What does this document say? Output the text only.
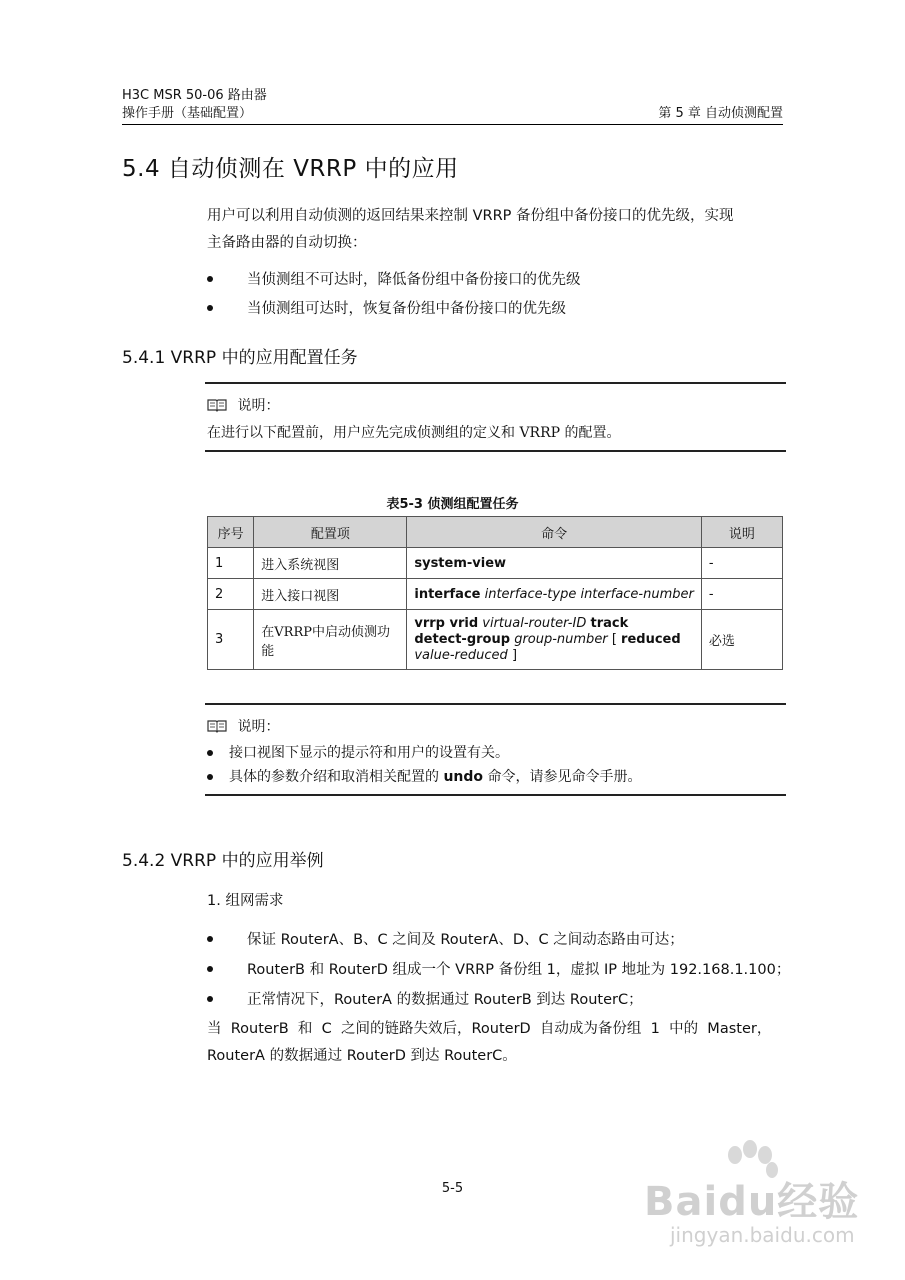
H3C MSR 50-06 路由器
操作手册（基础配置）	第 5 章 自动侦测配置
5.4 自动侦测在 VRRP 中的应用
用户可以利用自动侦测的返回结果来控制 VRRP 备份组中备份接口的优先级，实现
主备路由器的自动切换：
当侦测组不可达时，降低备份组中备份接口的优先级
当侦测组可达时，恢复备份组中备份接口的优先级
5.4.1 VRRP 中的应用配置任务
说明：
在进行以下配置前，用户应先完成侦测组的定义和 VRRP 的配置。
表5-3 侦测组配置任务
序号	配置项	命令	说明
1	进入系统视图	system-view	-
2	进入接口视图	interface interface-type interface-number	-
3	在VRRP中启动侦测功能	vrrp vrid virtual-router-ID track
detect-group group-number [ reduced
value-reduced ]	必选
说明：
接口视图下显示的提示符和用户的设置有关。
具体的参数介绍和取消相关配置的 undo 命令，请参见命令手册。
5.4.2 VRRP 中的应用举例
1. 组网需求
保证 RouterA、B、C 之间及 RouterA、D、C 之间动态路由可达；
RouterB 和 RouterD 组成一个 VRRP 备份组 1，虚拟 IP 地址为 192.168.1.100；
正常情况下，RouterA 的数据通过 RouterB 到达 RouterC；
当  RouterB  和  C  之间的链路失效后，RouterD  自动成为备份组  1  中的  Master，
RouterA 的数据通过 RouterD 到达 RouterC。
5-5	Baidu经验
jingyan.baidu.com
